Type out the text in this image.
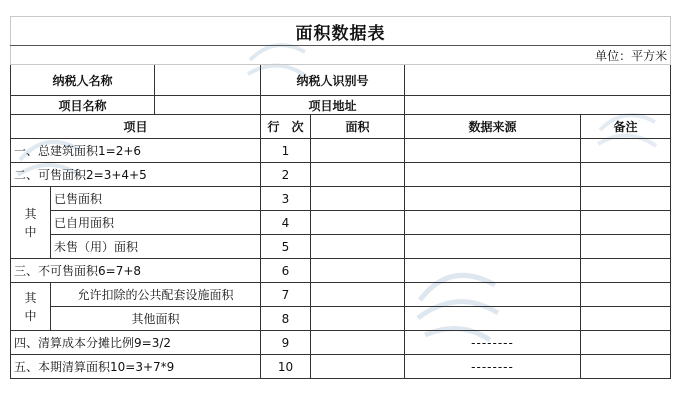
面积数据表						
单位：平方米						
纳税人名称			纳税人识别号			
项目名称			项目地址			
项目			行　次	面积	数据来源	备注
一、总建筑面积1=2+6			1			
二、可售面积2=3+4+5			2			
其
中	已售面积		3			
	已自用面积		4			
	未售（用）面积		5			
三、不可售面积6=7+8			6			
其
中	允许扣除的公共配套设施面积		7			
	其他面积		8			
四、清算成本分摊比例9=3/2			9		--------	
五、本期清算面积10=3+7*9			10		--------	
